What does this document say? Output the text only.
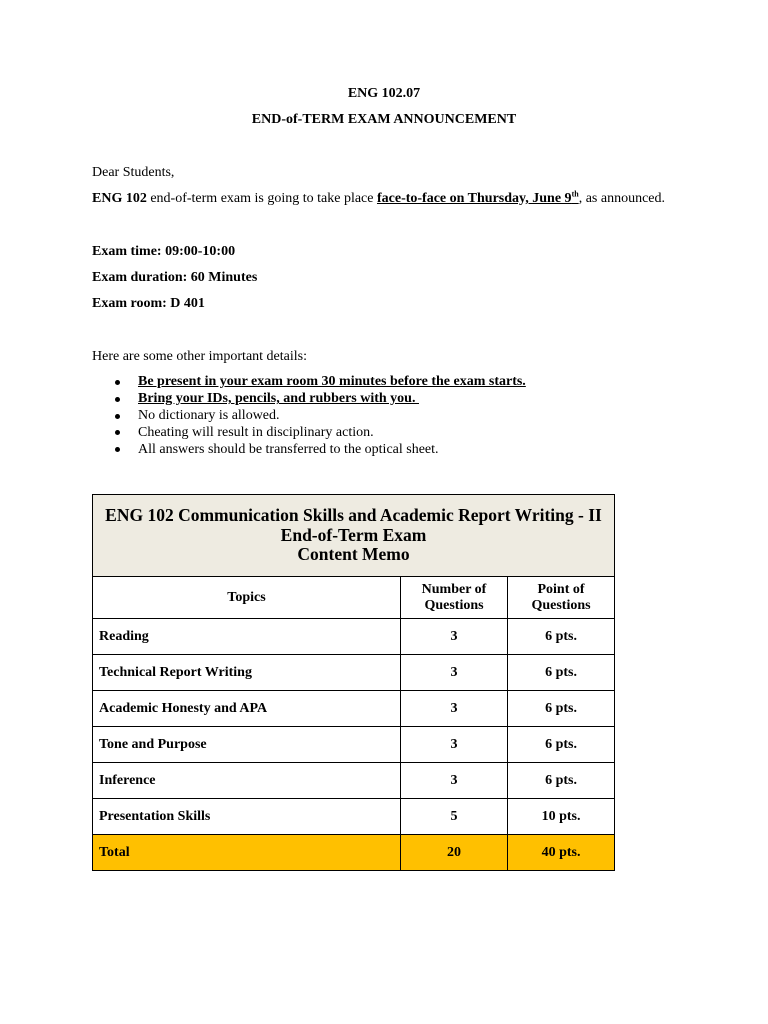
ENG 102.07
END-of-TERM EXAM ANNOUNCEMENT
Dear Students,
ENG 102 end-of-term exam is going to take place face-to-face on Thursday, June 9th, as announced.
Exam time: 09:00-10:00
Exam duration: 60 Minutes
Exam room: D 401
Here are some other important details:
Be present in your exam room 30 minutes before the exam starts.
Bring your IDs, pencils, and rubbers with you.
No dictionary is allowed.
Cheating will result in disciplinary action.
All answers should be transferred to the optical sheet.
ENG 102 Communication Skills and Academic Report Writing - II
End-of-Term Exam
Content Memo		

Topics	Number of Questions	Point of Questions
Reading	3	6 pts.
Technical Report Writing	3	6 pts.
Academic Honesty and APA	3	6 pts.
Tone and Purpose	3	6 pts.
Inference	3	6 pts.
Presentation Skills	5	10 pts.
Total	20	40 pts.
